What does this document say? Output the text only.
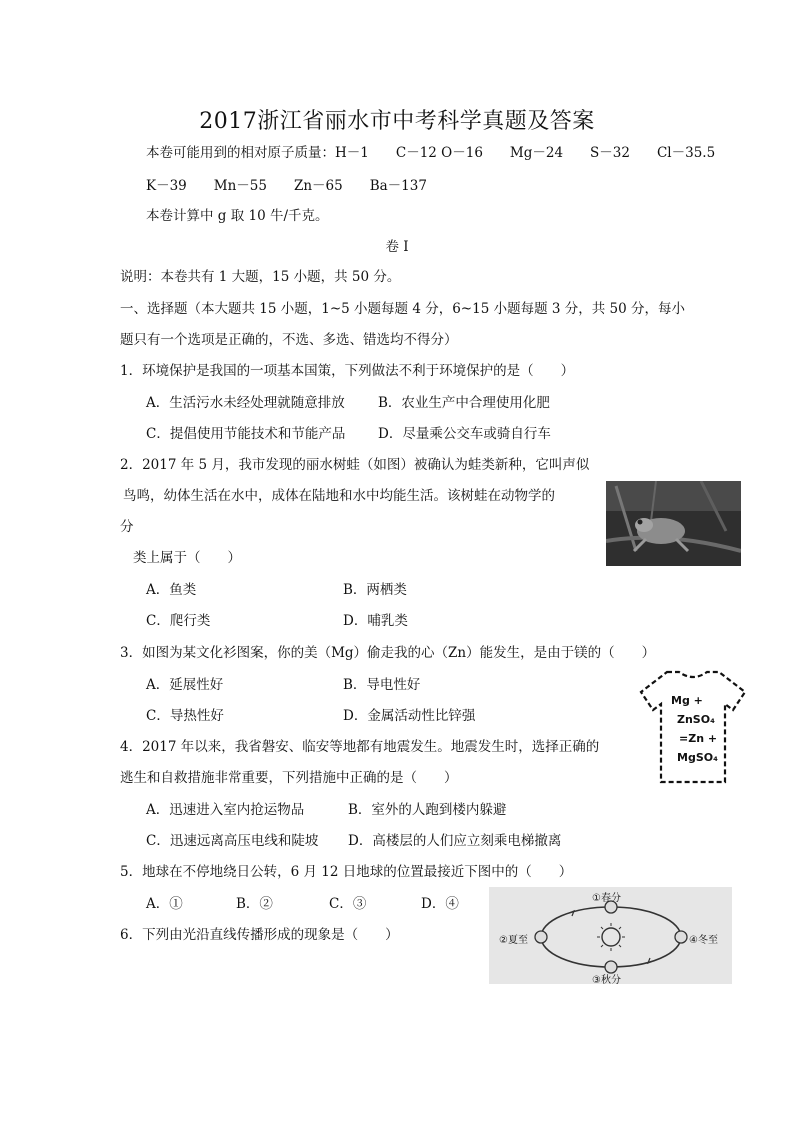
2017浙江省丽水市中考科学真题及答案
本卷可能用到的相对原子质量：H－1　　C－12 O－16　　Mg－24　　S－32　　Cl－35.5
K－39　　Mn－55　　Zn－65　　Ba－137
本卷计算中 g 取 10 牛/千克。
卷 I
说明：本卷共有 1 大题，15 小题，共 50 分。
一、选择题（本大题共 15 小题，1~5 小题每题 4 分，6~15 小题每题 3 分，共 50 分，每小
题只有一个选项是正确的，不选、多选、错选均不得分）
1．环境保护是我国的一项基本国策，下列做法不利于环境保护的是（　　）
A．生活污水未经处理就随意排放 B．农业生产中合理使用化肥
C．提倡使用节能技术和节能产品 D．尽量乘公交车或骑自行车
2．2017 年 5 月，我市发现的丽水树蛙（如图）被确认为蛙类新种，它叫声似
鸟鸣，幼体生活在水中，成体在陆地和水中均能生活。该树蛙在动物学的
分
类上属于（　　）
A．鱼类	B．两栖类
C．爬行类	D．哺乳类
3．如图为某文化衫图案，你的美（Mg）偷走我的心（Zn）能发生，是由于镁的（　　）
A．延展性好	B．导电性好
C．导热性好	D．金属活动性比锌强
Mg +
ZnSO₄
=Zn +
MgSO₄
4．2017 年以来，我省磐安、临安等地都有地震发生。地震发生时，选择正确的
逃生和自救措施非常重要，下列措施中正确的是（　　）
A．迅速进入室内抢运物品	B．室外的人跑到楼内躲避
C．迅速远离高压电线和陡坡 D．高楼层的人们应立刻乘电梯撤离
5．地球在不停地绕日公转，6 月 12 日地球的位置最接近下图中的（　　）
A．①	B．②	C．③	D．④	①春分
②夏至
③秋分
④冬至
6．下列由光沿直线传播形成的现象是（　　）
